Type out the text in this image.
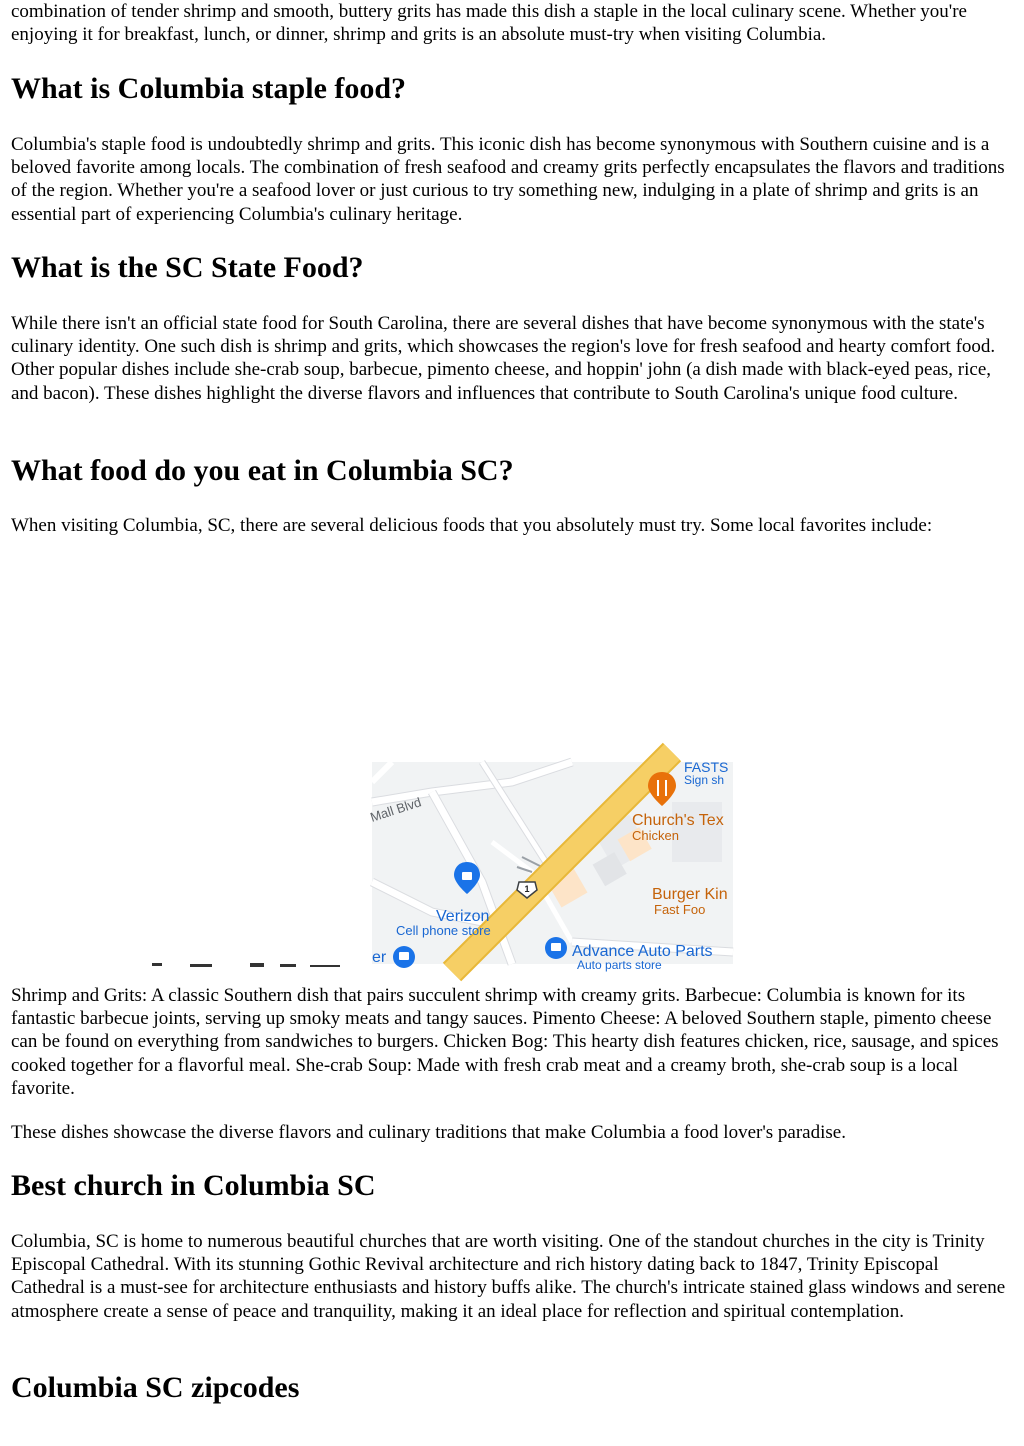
combination of tender shrimp and smooth, buttery grits has made this dish a staple in the local culinary scene. Whether you're enjoying it for breakfast, lunch, or dinner, shrimp and grits is an absolute must-try when visiting Columbia.

What is Columbia staple food?

Columbia's staple food is undoubtedly shrimp and grits. This iconic dish has become synonymous with Southern cuisine and is a beloved favorite among locals. The combination of fresh seafood and creamy grits perfectly encapsulates the flavors and traditions of the region. Whether you're a seafood lover or just curious to try something new, indulging in a plate of shrimp and grits is an essential part of experiencing Columbia's culinary heritage.

What is the SC State Food?

While there isn't an official state food for South Carolina, there are several dishes that have become synonymous with the state's culinary identity. One such dish is shrimp and grits, which showcases the region's love for fresh seafood and hearty comfort food. Other popular dishes include she-crab soup, barbecue, pimento cheese, and hoppin' john (a dish made with black-eyed peas, rice, and bacon). These dishes highlight the diverse flavors and influences that contribute to South Carolina's unique food culture.

What food do you eat in Columbia SC?

When visiting Columbia, SC, there are several delicious foods that you absolutely must try. Some local favorites include:

Shrimp and Grits: A classic Southern dish that pairs succulent shrimp with creamy grits. Barbecue: Columbia is known for its fantastic barbecue joints, serving up smoky meats and tangy sauces. Pimento Cheese: A beloved Southern staple, pimento cheese can be found on everything from sandwiches to burgers. Chicken Bog: This hearty dish features chicken, rice, sausage, and spices cooked together for a flavorful meal. She-crab Soup: Made with fresh crab meat and a creamy broth, she-crab soup is a local favorite.

These dishes showcase the diverse flavors and culinary traditions that make Columbia a food lover's paradise.

Best church in Columbia SC

Columbia, SC is home to numerous beautiful churches that are worth visiting. One of the standout churches in the city is Trinity Episcopal Cathedral. With its stunning Gothic Revival architecture and rich history dating back to 1847, Trinity Episcopal Cathedral is a must-see for architecture enthusiasts and history buffs alike. The church's intricate stained glass windows and serene atmosphere create a sense of peace and tranquility, making it an ideal place for reflection and spiritual contemplation.

Columbia SC zipcodes
1
Mall Blvd
FASTS
Sign sh
Church's Tex
Chicken
Burger Kin
Fast Foo
Verizon
Cell phone store
Advance Auto Parts
Auto parts store
er
